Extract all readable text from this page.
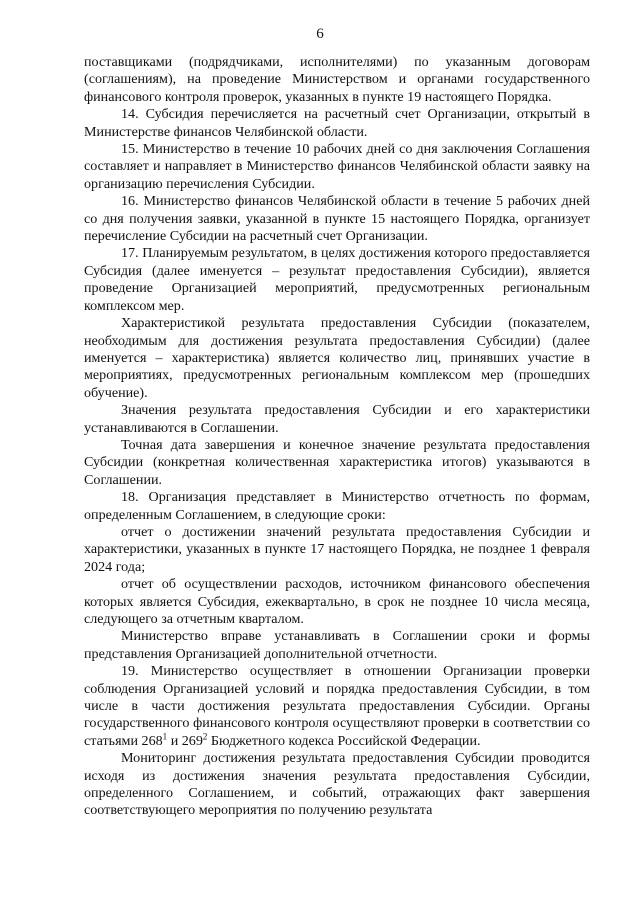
6

поставщиками (подрядчиками, исполнителями) по указанным договорам (соглашениям), на проведение Министерством и органами государственного финансового контроля проверок, указанных в пункте 19 настоящего Порядка.

14. Субсидия перечисляется на расчетный счет Организации, открытый в Министерстве финансов Челябинской области.

15. Министерство в течение 10 рабочих дней со дня заключения Соглашения составляет и направляет в Министерство финансов Челябинской области заявку на организацию перечисления Субсидии.

16. Министерство финансов Челябинской области в течение 5 рабочих дней со дня получения заявки, указанной в пункте 15 настоящего Порядка, организует перечисление Субсидии на расчетный счет Организации.

17. Планируемым результатом, в целях достижения которого предоставляется Субсидия (далее именуется – результат предоставления Субсидии), является проведение Организацией мероприятий, предусмотренных региональным комплексом мер.

Характеристикой результата предоставления Субсидии (показателем, необходимым для достижения результата предоставления Субсидии) (далее именуется – характеристика) является количество лиц, принявших участие в мероприятиях, предусмотренных региональным комплексом мер (прошедших обучение).

Значения результата предоставления Субсидии и его характеристики устанавливаются в Соглашении.

Точная дата завершения и конечное значение результата предоставления Субсидии (конкретная количественная характеристика итогов) указываются в Соглашении.

18. Организация представляет в Министерство отчетность по формам, определенным Соглашением, в следующие сроки:

отчет о достижении значений результата предоставления Субсидии и характеристики, указанных в пункте 17 настоящего Порядка, не позднее 1 февраля 2024 года;

отчет об осуществлении расходов, источником финансового обеспечения которых является Субсидия, ежеквартально, в срок не позднее 10 числа месяца, следующего за отчетным кварталом.

Министерство вправе устанавливать в Соглашении сроки и формы представления Организацией дополнительной отчетности.

19. Министерство осуществляет в отношении Организации проверки соблюдения Организацией условий и порядка предоставления Субсидии, в том числе в части достижения результата предоставления Субсидии. Органы государственного финансового контроля осуществляют проверки в соответствии со статьями $268^1$ и $269^2$ Бюджетного кодекса Российской Федерации.

Мониторинг достижения результата предоставления Субсидии проводится исходя из достижения значения результата предоставления Субсидии, определенного Соглашением, и событий, отражающих факт завершения соответствующего мероприятия по получению результата
